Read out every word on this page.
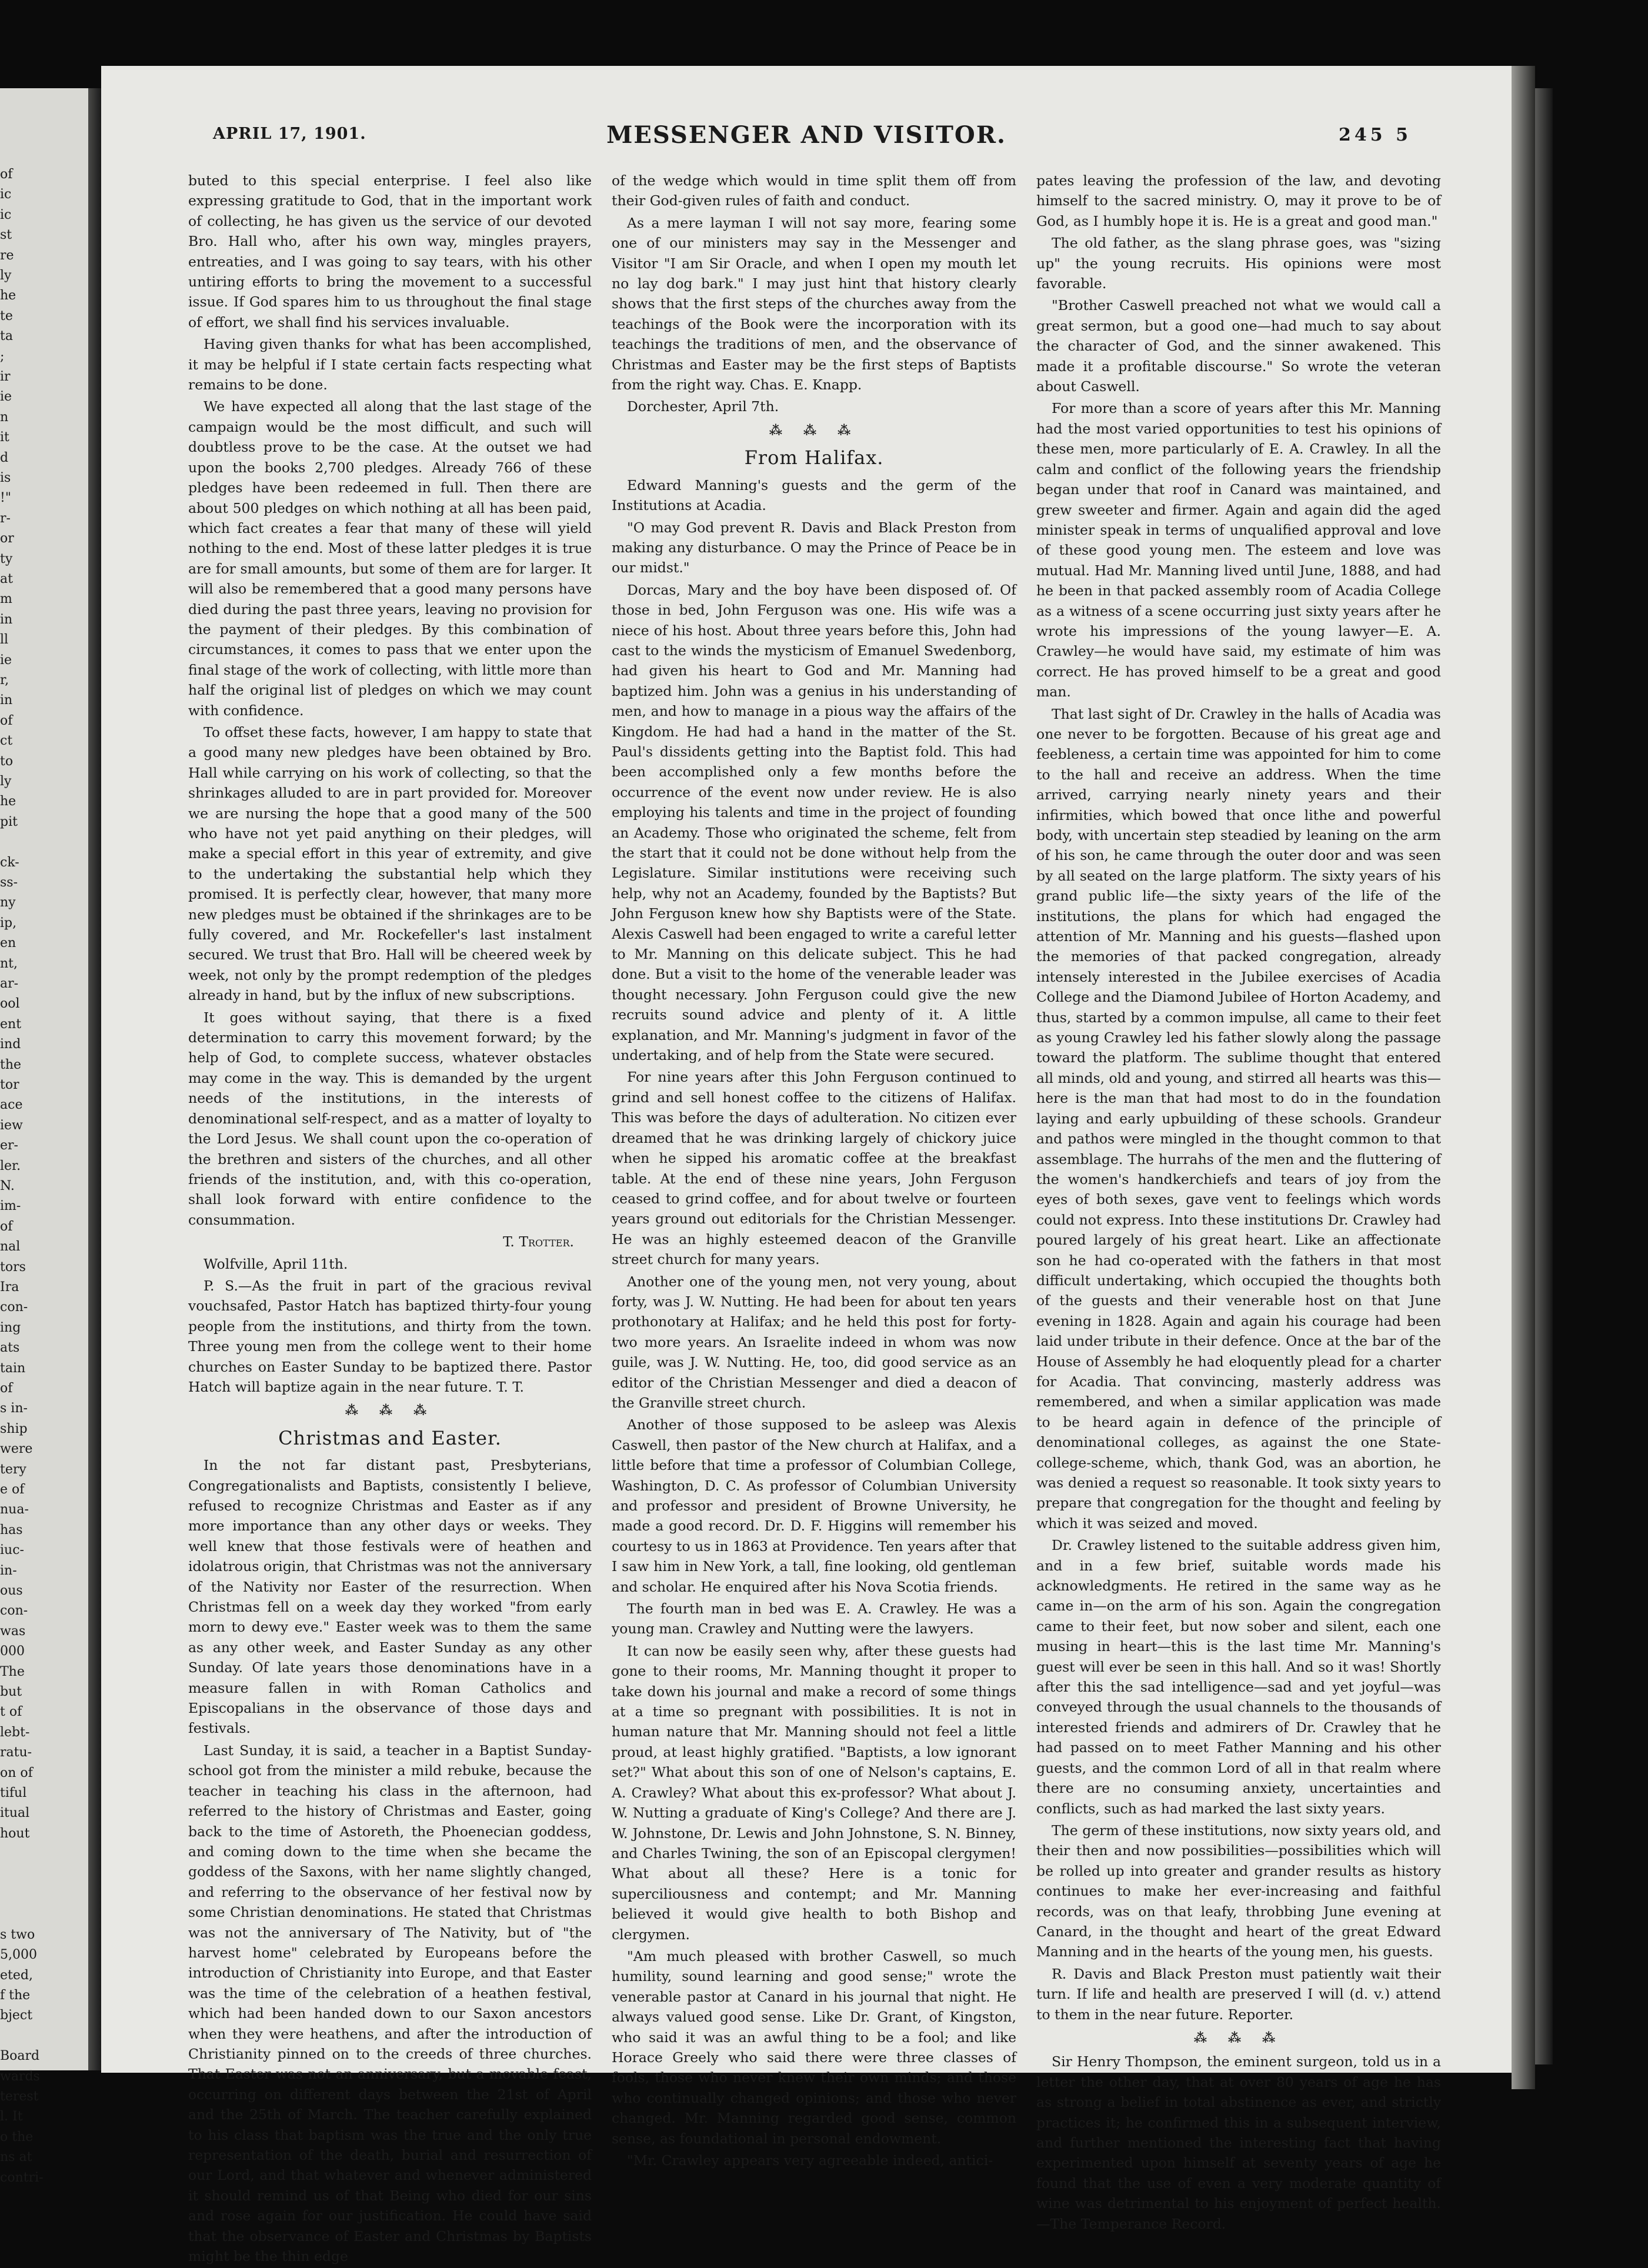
of
ic
ic
st
re
ly
he
te
ta
;
ir
ie
n
it
d
is
!"
r-
or
ty
at
m
in
ll
ie
r,
in
of
ct
to
ly
he
pit
ck-
ss-
ny
ip,
en
nt,
ar-
ool
ent
ind
the
tor
ace
iew
er-
ler.
N.
im-
of
nal
tors
Ira
con-
ing
ats
tain
of
s in-
ship
were
tery
e of
nua-
has
iuc-
in-
ous
con-
was
000
The
but
t of
lebt-
ratu-
on of
tiful
itual
hout
s two
5,000
eted,
f the
bject
Board
wards
terest
l. It
o the
ns at
contri-
APRIL 17, 1901.	MESSENGER AND VISITOR.	245 5

buted to this special enterprise. I feel also like expressing gratitude to God, that in the important work of collecting, he has given us the service of our devoted Bro. Hall who, after his own way, mingles prayers, entreaties, and I was going to say tears, with his other untiring efforts to bring the movement to a successful issue. If God spares him to us throughout the final stage of effort, we shall find his services invaluable.

Having given thanks for what has been accomplished, it may be helpful if I state certain facts respecting what remains to be done.

We have expected all along that the last stage of the campaign would be the most difficult, and such will doubtless prove to be the case. At the outset we had upon the books 2,700 pledges. Already 766 of these pledges have been redeemed in full. Then there are about 500 pledges on which nothing at all has been paid, which fact creates a fear that many of these will yield nothing to the end. Most of these latter pledges it is true are for small amounts, but some of them are for larger. It will also be remembered that a good many persons have died during the past three years, leaving no provision for the payment of their pledges. By this combination of circumstances, it comes to pass that we enter upon the final stage of the work of collecting, with little more than half the original list of pledges on which we may count with confidence.

To offset these facts, however, I am happy to state that a good many new pledges have been obtained by Bro. Hall while carrying on his work of collecting, so that the shrinkages alluded to are in part provided for. Moreover we are nursing the hope that a good many of the 500 who have not yet paid anything on their pledges, will make a special effort in this year of extremity, and give to the undertaking the substantial help which they promised. It is perfectly clear, however, that many more new pledges must be obtained if the shrinkages are to be fully covered, and Mr. Rockefeller's last instalment secured. We trust that Bro. Hall will be cheered week by week, not only by the prompt redemption of the pledges already in hand, but by the influx of new subscriptions.

It goes without saying, that there is a fixed determination to carry this movement forward; by the help of God, to complete success, whatever obstacles may come in the way. This is demanded by the urgent needs of the institutions, in the interests of denominational self-respect, and as a matter of loyalty to the Lord Jesus. We shall count upon the co-operation of the brethren and sisters of the churches, and all other friends of the institution, and, with this co-operation, shall look forward with entire confidence to the consummation.

T. Trotter.

Wolfville, April 11th.

P. S.—As the fruit in part of the gracious revival vouchsafed, Pastor Hatch has baptized thirty-four young people from the institutions, and thirty from the town. Three young men from the college went to their home churches on Easter Sunday to be baptized there. Pastor Hatch will baptize again in the near future. T. T.

⁂ ⁂ ⁂
Christmas and Easter.

In the not far distant past, Presbyterians, Congregationalists and Baptists, consistently I believe, refused to recognize Christmas and Easter as if any more importance than any other days or weeks. They well knew that those festivals were of heathen and idolatrous origin, that Christmas was not the anniversary of the Nativity nor Easter of the resurrection. When Christmas fell on a week day they worked "from early morn to dewy eve." Easter week was to them the same as any other week, and Easter Sunday as any other Sunday. Of late years those denominations have in a measure fallen in with Roman Catholics and Episcopalians in the observance of those days and festivals.

Last Sunday, it is said, a teacher in a Baptist Sunday-school got from the minister a mild rebuke, because the teacher in teaching his class in the afternoon, had referred to the history of Christmas and Easter, going back to the time of Astoreth, the Phoenecian goddess, and coming down to the time when she became the goddess of the Saxons, with her name slightly changed, and referring to the observance of her festival now by some Christian denominations. He stated that Christmas was not the anniversary of The Nativity, but of "the harvest home" celebrated by Europeans before the introduction of Christianity into Europe, and that Easter was the time of the celebration of a heathen festival, which had been handed down to our Saxon ancestors when they were heathens, and after the introduction of Christianity pinned on to the creeds of three churches. That Easter was not an anniversary, but a movable feast, occurring on different days between the 21st of April and the 25th of March. The teacher carefully explained to his class that baptism was the true and the only true representation of the death, burial and resurrection of our Lord, and that whatever and whenever administered it should remind us of that Being who died for our sins and rose again for our justification. He could have said that the observance of Easter and Christmas by Baptists might be the thin edge

of the wedge which would in time split them off from their God-given rules of faith and conduct.

As a mere layman I will not say more, fearing some one of our ministers may say in the Messenger and Visitor "I am Sir Oracle, and when I open my mouth let no lay dog bark." I may just hint that history clearly shows that the first steps of the churches away from the teachings of the Book were the incorporation with its teachings the traditions of men, and the observance of Christmas and Easter may be the first steps of Baptists from the right way. Chas. E. Knapp.

Dorchester, April 7th.

⁂ ⁂ ⁂
From Halifax.

Edward Manning's guests and the germ of the Institutions at Acadia.

"O may God prevent R. Davis and Black Preston from making any disturbance. O may the Prince of Peace be in our midst."

Dorcas, Mary and the boy have been disposed of. Of those in bed, John Ferguson was one. His wife was a niece of his host. About three years before this, John had cast to the winds the mysticism of Emanuel Swedenborg, had given his heart to God and Mr. Manning had baptized him. John was a genius in his understanding of men, and how to manage in a pious way the affairs of the Kingdom. He had had a hand in the matter of the St. Paul's dissidents getting into the Baptist fold. This had been accomplished only a few months before the occurrence of the event now under review. He is also employing his talents and time in the project of founding an Academy. Those who originated the scheme, felt from the start that it could not be done without help from the Legislature. Similar institutions were receiving such help, why not an Academy, founded by the Baptists? But John Ferguson knew how shy Baptists were of the State. Alexis Caswell had been engaged to write a careful letter to Mr. Manning on this delicate subject. This he had done. But a visit to the home of the venerable leader was thought necessary. John Ferguson could give the new recruits sound advice and plenty of it. A little explanation, and Mr. Manning's judgment in favor of the undertaking, and of help from the State were secured.

For nine years after this John Ferguson continued to grind and sell honest coffee to the citizens of Halifax. This was before the days of adulteration. No citizen ever dreamed that he was drinking largely of chickory juice when he sipped his aromatic coffee at the breakfast table. At the end of these nine years, John Ferguson ceased to grind coffee, and for about twelve or fourteen years ground out editorials for the Christian Messenger. He was an highly esteemed deacon of the Granville street church for many years.

Another one of the young men, not very young, about forty, was J. W. Nutting. He had been for about ten years prothonotary at Halifax; and he held this post for forty-two more years. An Israelite indeed in whom was now guile, was J. W. Nutting. He, too, did good service as an editor of the Christian Messenger and died a deacon of the Granville street church.

Another of those supposed to be asleep was Alexis Caswell, then pastor of the New church at Halifax, and a little before that time a professor of Columbian College, Washington, D. C. As professor of Columbian University and professor and president of Browne University, he made a good record. Dr. D. F. Higgins will remember his courtesy to us in 1863 at Providence. Ten years after that I saw him in New York, a tall, fine looking, old gentleman and scholar. He enquired after his Nova Scotia friends.

The fourth man in bed was E. A. Crawley. He was a young man. Crawley and Nutting were the lawyers.

It can now be easily seen why, after these guests had gone to their rooms, Mr. Manning thought it proper to take down his journal and make a record of some things at a time so pregnant with possibilities. It is not in human nature that Mr. Manning should not feel a little proud, at least highly gratified. "Baptists, a low ignorant set?" What about this son of one of Nelson's captains, E. A. Crawley? What about this ex-professor? What about J. W. Nutting a graduate of King's College? And there are J. W. Johnstone, Dr. Lewis and John Johnstone, S. N. Binney, and Charles Twining, the son of an Episcopal clergymen! What about all these? Here is a tonic for superciliousness and contempt; and Mr. Manning believed it would give health to both Bishop and clergymen.

"Am much pleased with brother Caswell, so much humility, sound learning and good sense;" wrote the venerable pastor at Canard in his journal that night. He always valued good sense. Like Dr. Grant, of Kingston, who said it was an awful thing to be a fool; and like Horace Greely who said there were three classes of fools, those who never knew their own minds; and those who continually changed opinions; and those who never changed. Mr. Manning regarded good sense, common sense, as foundational in personal endowment.

"Mr. Crawley appears very agreeable indeed, antici-

pates leaving the profession of the law, and devoting himself to the sacred ministry. O, may it prove to be of God, as I humbly hope it is. He is a great and good man."

The old father, as the slang phrase goes, was "sizing up" the young recruits. His opinions were most favorable.

"Brother Caswell preached not what we would call a great sermon, but a good one—had much to say about the character of God, and the sinner awakened. This made it a profitable discourse." So wrote the veteran about Caswell.

For more than a score of years after this Mr. Manning had the most varied opportunities to test his opinions of these men, more particularly of E. A. Crawley. In all the calm and conflict of the following years the friendship began under that roof in Canard was maintained, and grew sweeter and firmer. Again and again did the aged minister speak in terms of unqualified approval and love of these good young men. The esteem and love was mutual. Had Mr. Manning lived until June, 1888, and had he been in that packed assembly room of Acadia College as a witness of a scene occurring just sixty years after he wrote his impressions of the young lawyer—E. A. Crawley—he would have said, my estimate of him was correct. He has proved himself to be a great and good man.

That last sight of Dr. Crawley in the halls of Acadia was one never to be forgotten. Because of his great age and feebleness, a certain time was appointed for him to come to the hall and receive an address. When the time arrived, carrying nearly ninety years and their infirmities, which bowed that once lithe and powerful body, with uncertain step steadied by leaning on the arm of his son, he came through the outer door and was seen by all seated on the large platform. The sixty years of his grand public life—the sixty years of the life of the institutions, the plans for which had engaged the attention of Mr. Manning and his guests—flashed upon the memories of that packed congregation, already intensely interested in the Jubilee exercises of Acadia College and the Diamond Jubilee of Horton Academy, and thus, started by a common impulse, all came to their feet as young Crawley led his father slowly along the passage toward the platform. The sublime thought that entered all minds, old and young, and stirred all hearts was this—here is the man that had most to do in the foundation laying and early upbuilding of these schools. Grandeur and pathos were mingled in the thought common to that assemblage. The hurrahs of the men and the fluttering of the women's handkerchiefs and tears of joy from the eyes of both sexes, gave vent to feelings which words could not express. Into these institutions Dr. Crawley had poured largely of his great heart. Like an affectionate son he had co-operated with the fathers in that most difficult undertaking, which occupied the thoughts both of the guests and their venerable host on that June evening in 1828. Again and again his courage had been laid under tribute in their defence. Once at the bar of the House of Assembly he had eloquently plead for a charter for Acadia. That convincing, masterly address was remembered, and when a similar application was made to be heard again in defence of the principle of denominational colleges, as against the one State-college-scheme, which, thank God, was an abortion, he was denied a request so reasonable. It took sixty years to prepare that congregation for the thought and feeling by which it was seized and moved.

Dr. Crawley listened to the suitable address given him, and in a few brief, suitable words made his acknowledgments. He retired in the same way as he came in—on the arm of his son. Again the congregation came to their feet, but now sober and silent, each one musing in heart—this is the last time Mr. Manning's guest will ever be seen in this hall. And so it was! Shortly after this the sad intelligence—sad and yet joyful—was conveyed through the usual channels to the thousands of interested friends and admirers of Dr. Crawley that he had passed on to meet Father Manning and his other guests, and the common Lord of all in that realm where there are no consuming anxiety, uncertainties and conflicts, such as had marked the last sixty years.

The germ of these institutions, now sixty years old, and their then and now possibilities—possibilities which will be rolled up into greater and grander results as history continues to make her ever-increasing and faithful records, was on that leafy, throbbing June evening at Canard, in the thought and heart of the great Edward Manning and in the hearts of the young men, his guests.

R. Davis and Black Preston must patiently wait their turn. If life and health are preserved I will (d. v.) attend to them in the near future. Reporter.

⁂ ⁂ ⁂

Sir Henry Thompson, the eminent surgeon, told us in a letter the other day, that at over 80 years of age he has as strong a belief in total abstinence as ever, and strictly practices it; he confirmed this in a subsequent interview, and further mentioned the interesting fact that having experimented upon himself at seventy years of age he found that the use of even a very moderate quantity of wine was detrimental to his enjoyment of perfect health.—The Temperance Record.
